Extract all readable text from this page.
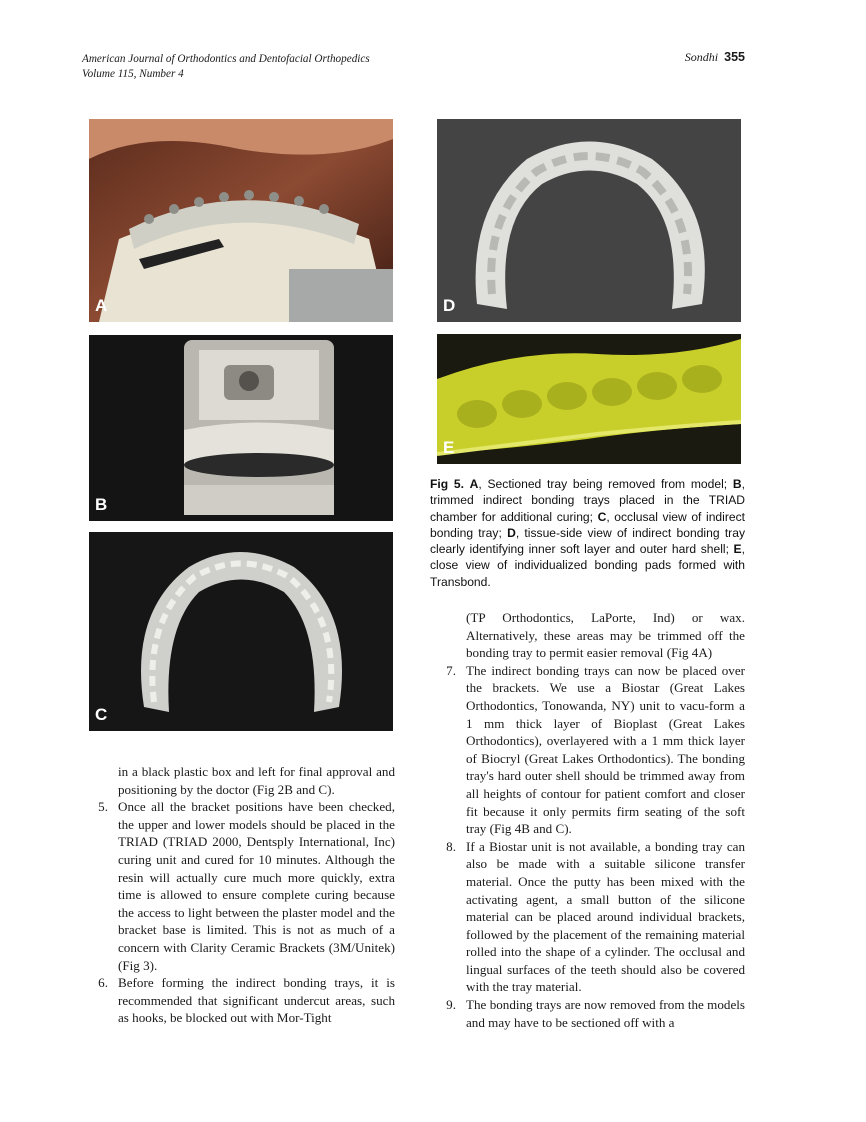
American Journal of Orthodontics and Dentofacial Orthopedics
Volume 115, Number 4
Sondhi 355
A
B
C
D
E
Fig 5. A, Sectioned tray being removed from model; B, trimmed indirect bonding trays placed in the TRIAD chamber for additional curing; C, occlusal view of indirect bonding tray; D, tissue-side view of indirect bonding tray clearly identifying inner soft layer and outer hard shell; E, close view of individualized bonding pads formed with Transbond.

in a black plastic box and left for final approval and positioning by the doctor (Fig 2B and C).

5. Once all the bracket positions have been checked, the upper and lower models should be placed in the TRIAD (TRIAD 2000, Dentsply International, Inc) curing unit and cured for 10 minutes. Although the resin will actually cure much more quickly, extra time is allowed to ensure complete curing because the access to light between the plaster model and the bracket base is limited. This is not as much of a concern with Clarity Ceramic Brackets (3M/Unitek) (Fig 3).
6. Before forming the indirect bonding trays, it is recommended that significant undercut areas, such as hooks, be blocked out with Mor-Tight

(TP Orthodontics, LaPorte, Ind) or wax. Alternatively, these areas may be trimmed off the bonding tray to permit easier removal (Fig 4A)

7. The indirect bonding trays can now be placed over the brackets. We use a Biostar (Great Lakes Orthodontics, Tonowanda, NY) unit to vacu-form a 1 mm thick layer of Bioplast (Great Lakes Orthodontics), overlayered with a 1 mm thick layer of Biocryl (Great Lakes Orthodontics). The bonding tray's hard outer shell should be trimmed away from all heights of contour for patient comfort and closer fit because it only permits firm seating of the soft tray (Fig 4B and C).
8. If a Biostar unit is not available, a bonding tray can also be made with a suitable silicone transfer material. Once the putty has been mixed with the activating agent, a small button of the silicone material can be placed around individual brackets, followed by the placement of the remaining material rolled into the shape of a cylinder. The occlusal and lingual surfaces of the teeth should also be covered with the tray material.
9. The bonding trays are now removed from the models and may have to be sectioned off with a
